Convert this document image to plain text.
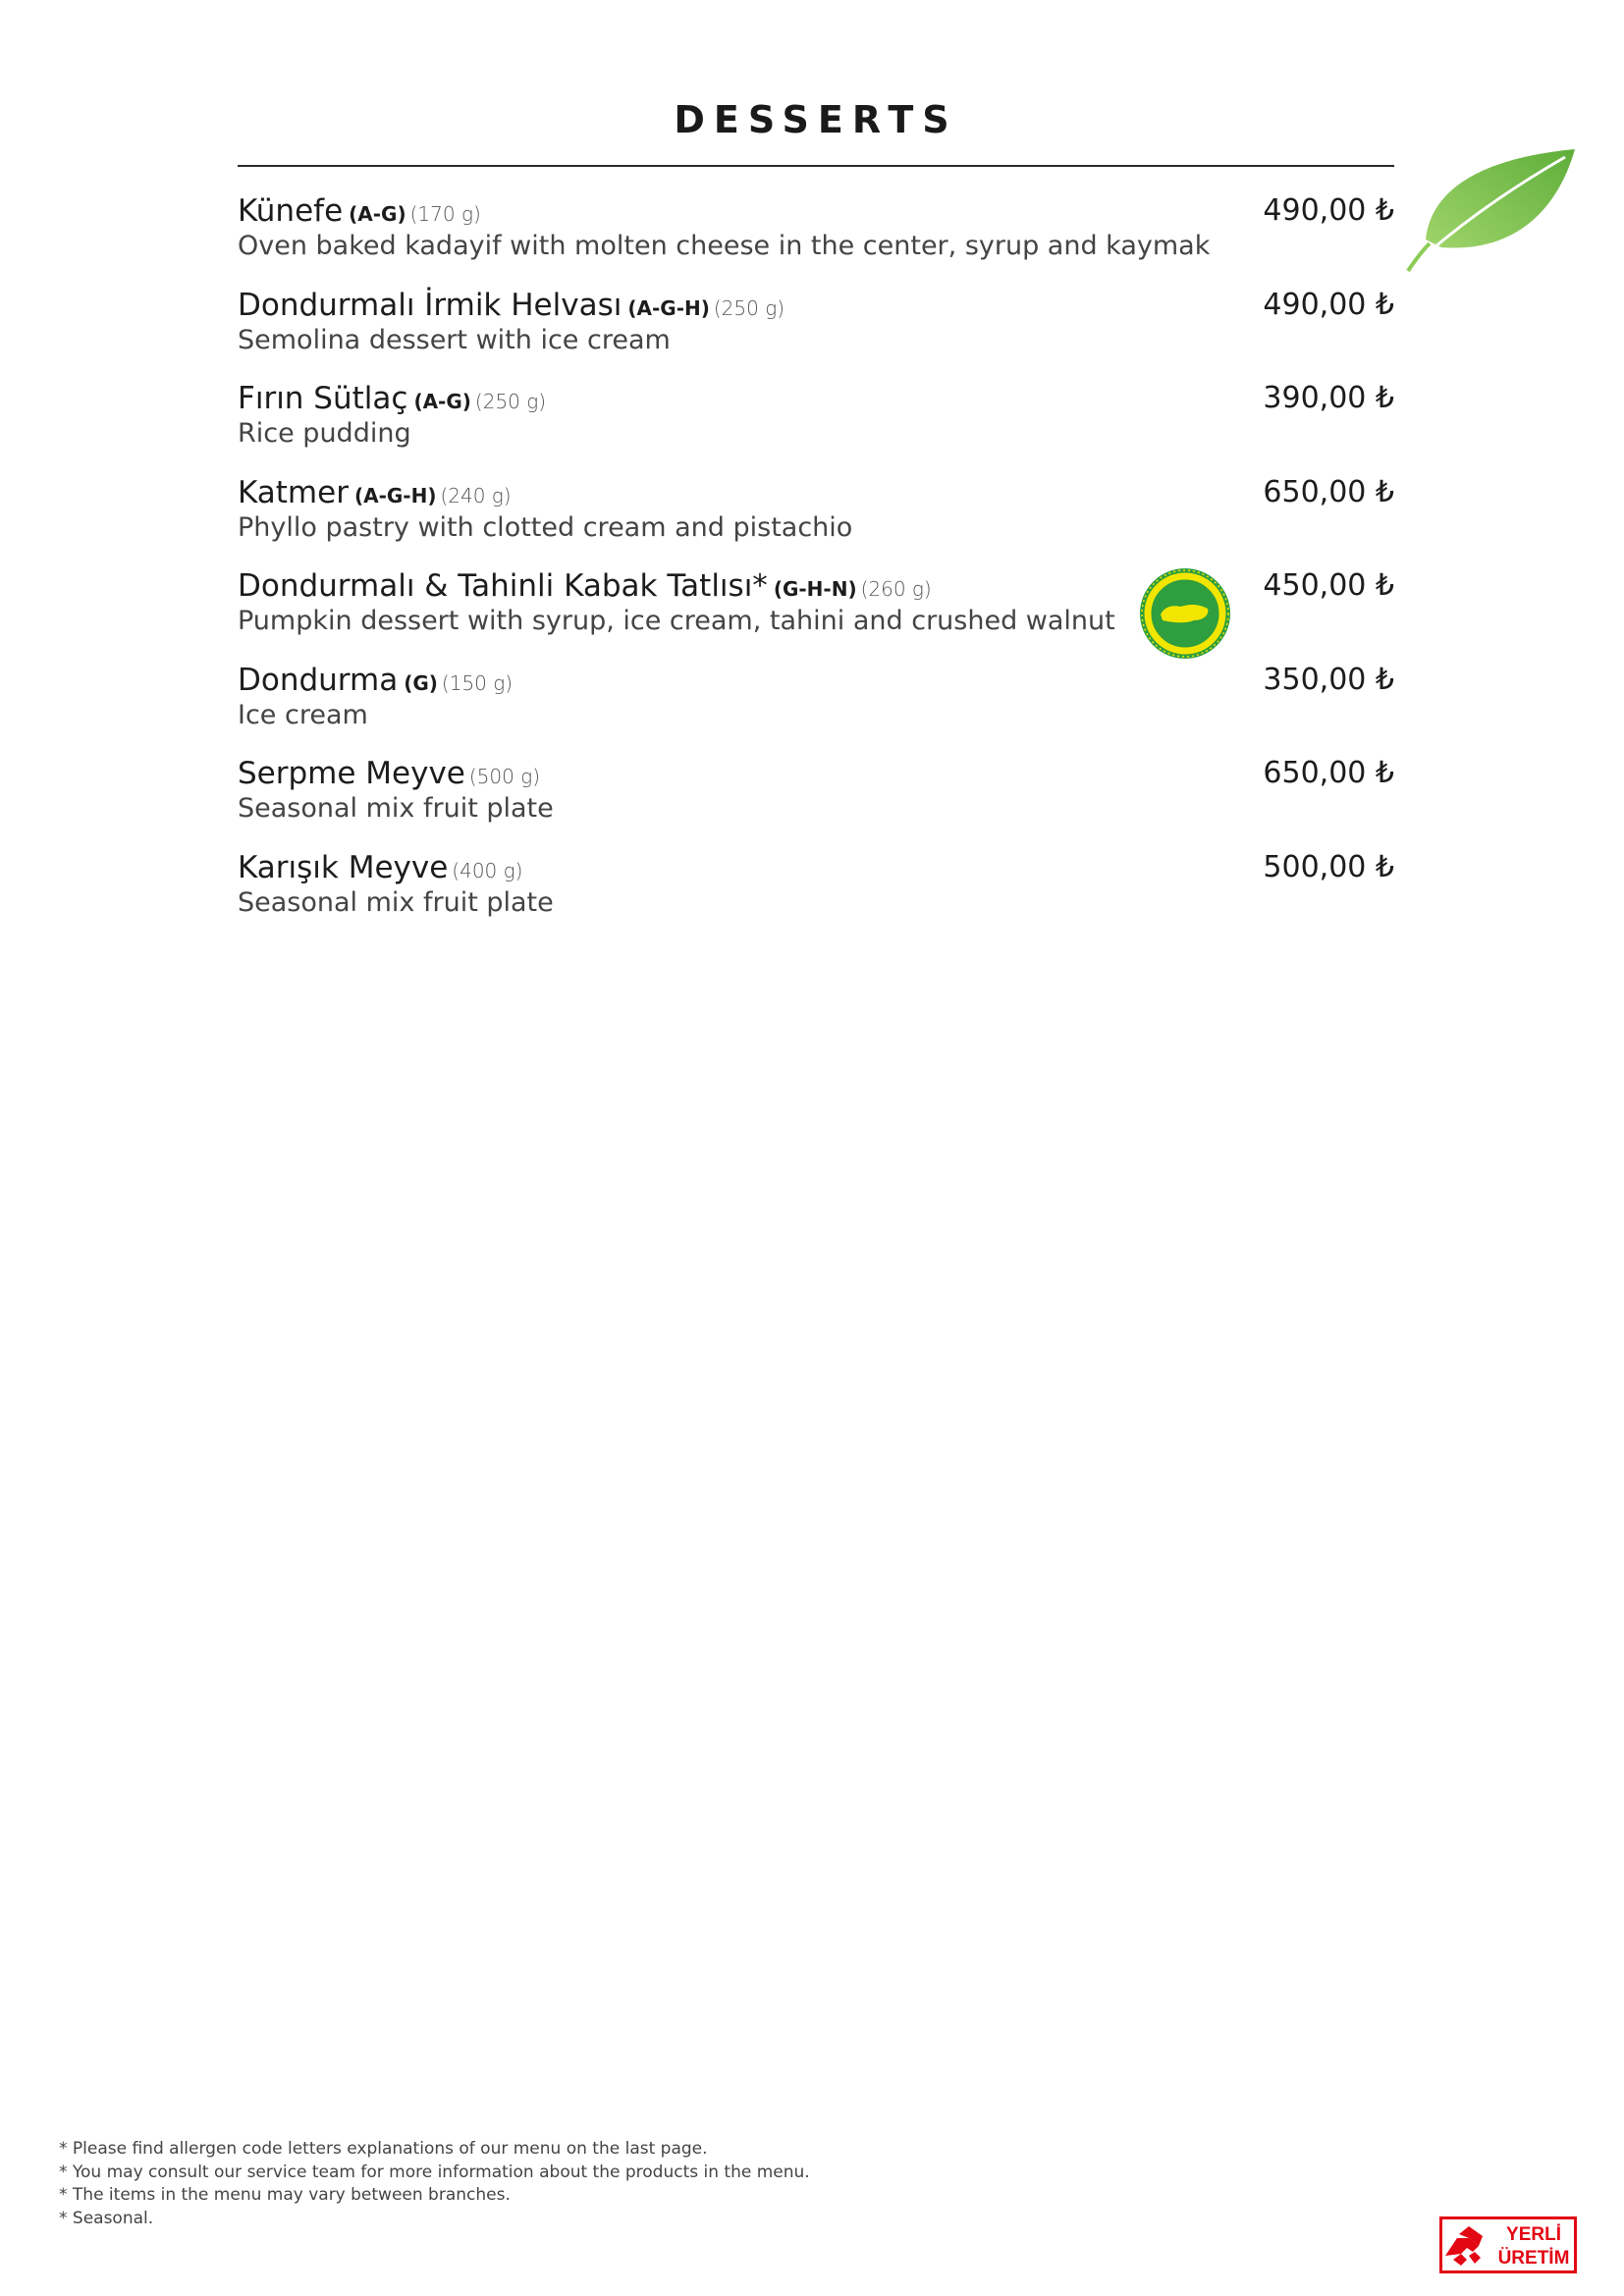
DESSERTS
Künefe (A-G) (170 g)
Oven baked kadayif with molten cheese in the center, syrup and kaymak
490,00 ₺
Dondurmalı İrmik Helvası (A-G-H) (250 g)
Semolina dessert with ice cream
490,00 ₺
Fırın Sütlaç (A-G) (250 g)
Rice pudding
390,00 ₺
Katmer (A-G-H) (240 g)
Phyllo pastry with clotted cream and pistachio
650,00 ₺
Dondurmalı & Tahinli Kabak Tatlısı* (G-H-N) (260 g)
Pumpkin dessert with syrup, ice cream, tahini and crushed walnut
450,00 ₺
Dondurma (G) (150 g)
Ice cream
350,00 ₺
Serpme Meyve (500 g)
Seasonal mix fruit plate
650,00 ₺
Karışık Meyve (400 g)
Seasonal mix fruit plate
500,00 ₺
* Please find allergen code letters explanations of our menu on the last page.
* You may consult our service team for more information about the products in the menu.
* The items in the menu may vary between branches.
* Seasonal.
YERLİ
ÜRETİM
